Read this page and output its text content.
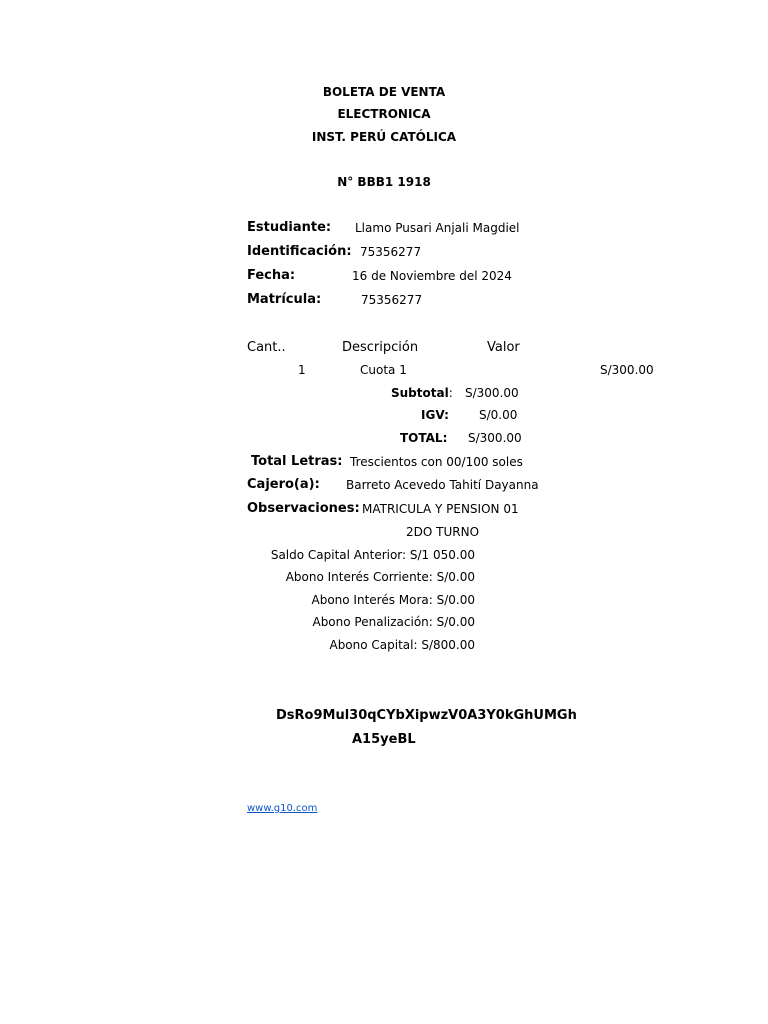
BOLETA DE VENTA
ELECTRONICA
INST. PERÚ CATÓLICA
N° BBB1 1918
Estudiante: Llamo Pusari Anjali Magdiel
Identificación: 75356277
Fecha:	16 de Noviembre del 2024
Matrícula:	75356277
Cant..	Descripción	Valor
1	Cuota 1	S/300.00
Subtotal: S/300.00
IGV:	S/0.00
TOTAL: S/300.00
Total Letras: Trescientos con 00/100 soles
Cajero(a): Barreto Acevedo Tahití Dayanna
Observaciones: MATRICULA Y PENSION 01
2DO TURNO
Saldo Capital Anterior: S/1 050.00
Abono Interés Corriente: S/0.00
Abono Interés Mora: S/0.00
Abono Penalización: S/0.00
Abono Capital: S/800.00
DsRo9Mul30qCYbXipwzV0A3Y0kGhUMGh
A15yeBL
www.g10.com
